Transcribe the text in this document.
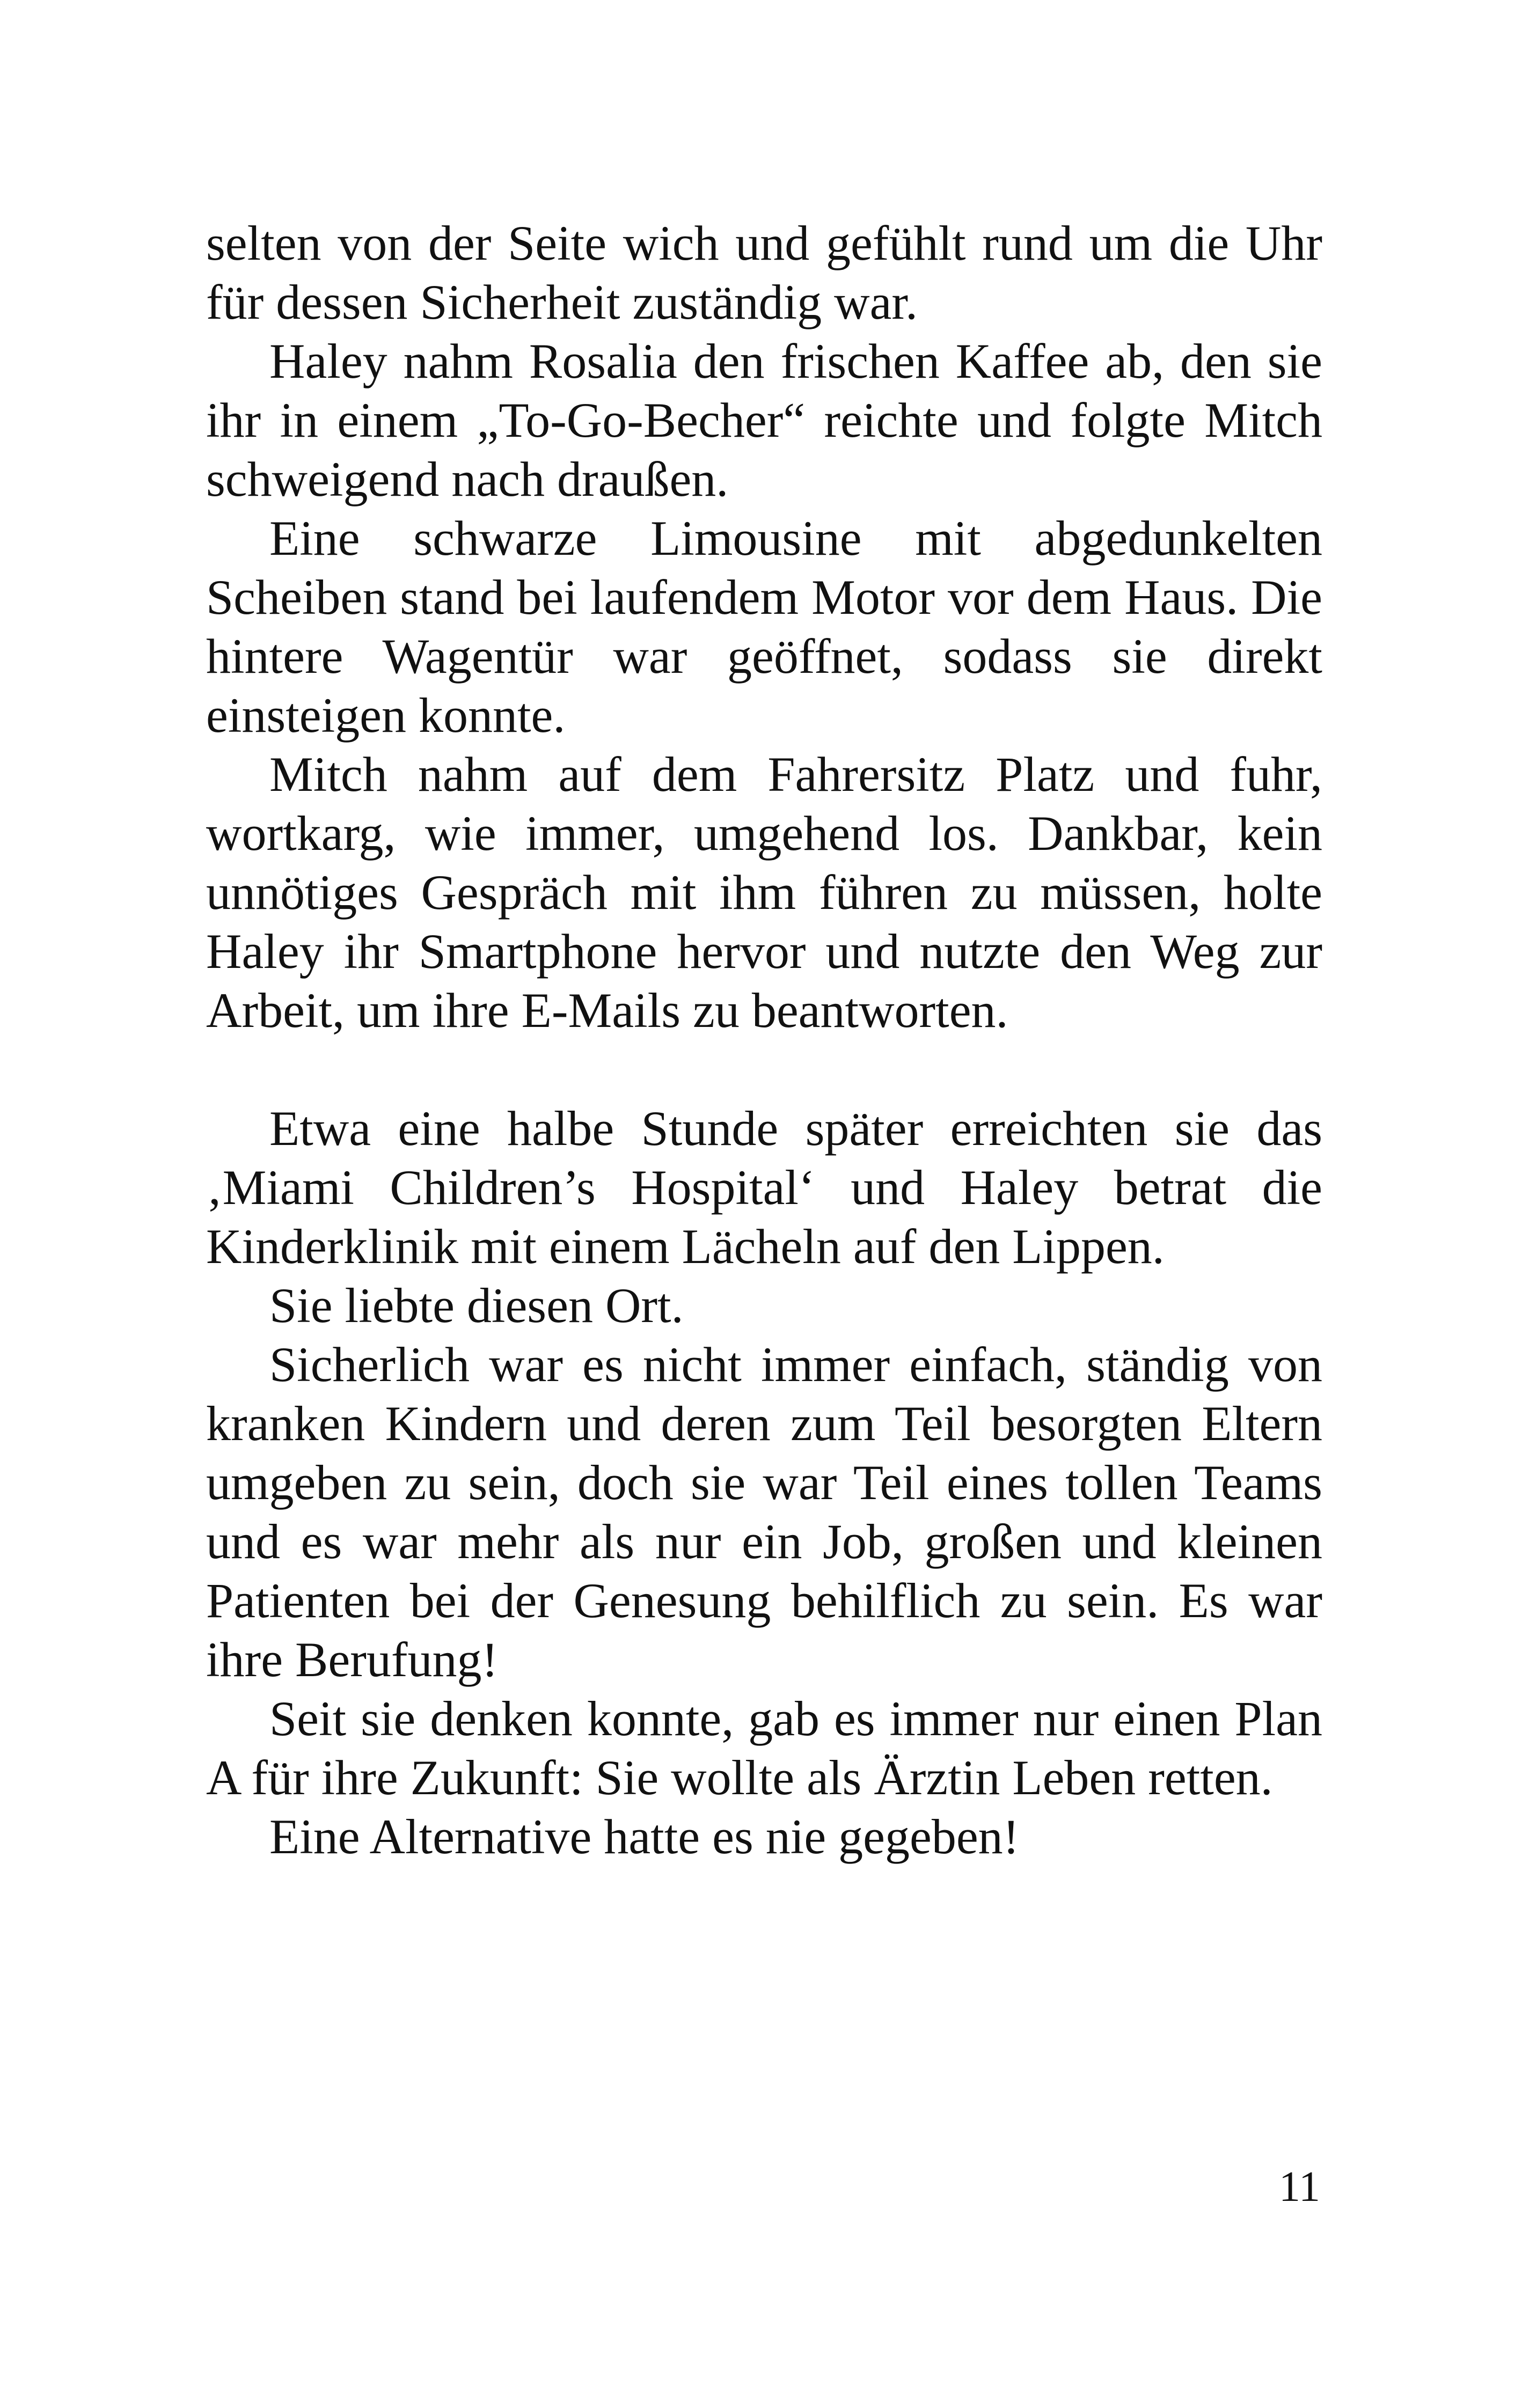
selten von der Seite wich und gefühlt rund um die Uhr für dessen Sicherheit zuständig war.

Haley nahm Rosalia den frischen Kaffee ab, den sie ihr in einem „To-Go-Becher“ reichte und folgte Mitch schweigend nach draußen.

Eine schwarze Limousine mit abgedunkelten Scheiben stand bei laufendem Motor vor dem Haus. Die hintere Wagentür war geöffnet, sodass sie direkt einsteigen konnte.

Mitch nahm auf dem Fahrersitz Platz und fuhr, wortkarg, wie immer, umgehend los. Dankbar, kein unnötiges Gespräch mit ihm führen zu müssen, holte Haley ihr Smartphone hervor und nutzte den Weg zur Arbeit, um ihre E-Mails zu beantworten.

Etwa eine halbe Stunde später erreichten sie das ‚Miami Children’s Hospital‘ und Haley betrat die Kinderklinik mit einem Lächeln auf den Lippen.

Sie liebte diesen Ort.

Sicherlich war es nicht immer einfach, ständig von kranken Kindern und deren zum Teil besorgten Eltern umgeben zu sein, doch sie war Teil eines tollen Teams und es war mehr als nur ein Job, großen und kleinen Patienten bei der Genesung behilflich zu sein. Es war ihre Berufung!

Seit sie denken konnte, gab es immer nur einen Plan A für ihre Zukunft: Sie wollte als Ärztin Leben retten.

Eine Alternative hatte es nie gegeben!

11
